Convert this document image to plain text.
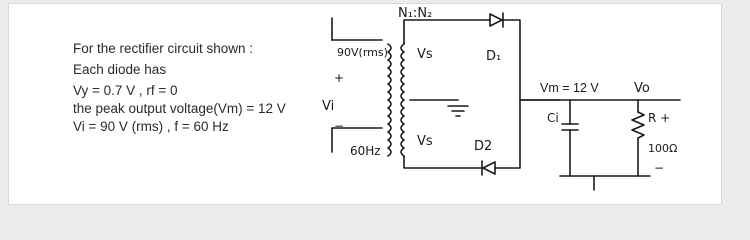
For the rectifier circuit shown :
Each diode has
Vy = 0.7 V , rf = 0
the peak output voltage(Vm) = 12 V
Vi = 90 V (rms) , f = 60 Hz
N₁:N₂
90V(rms)
+
Vi
−
60Hz
Vs
Vs
D₁
D2
Vm = 12 V	Vo
Ci	R +
100Ω
−
